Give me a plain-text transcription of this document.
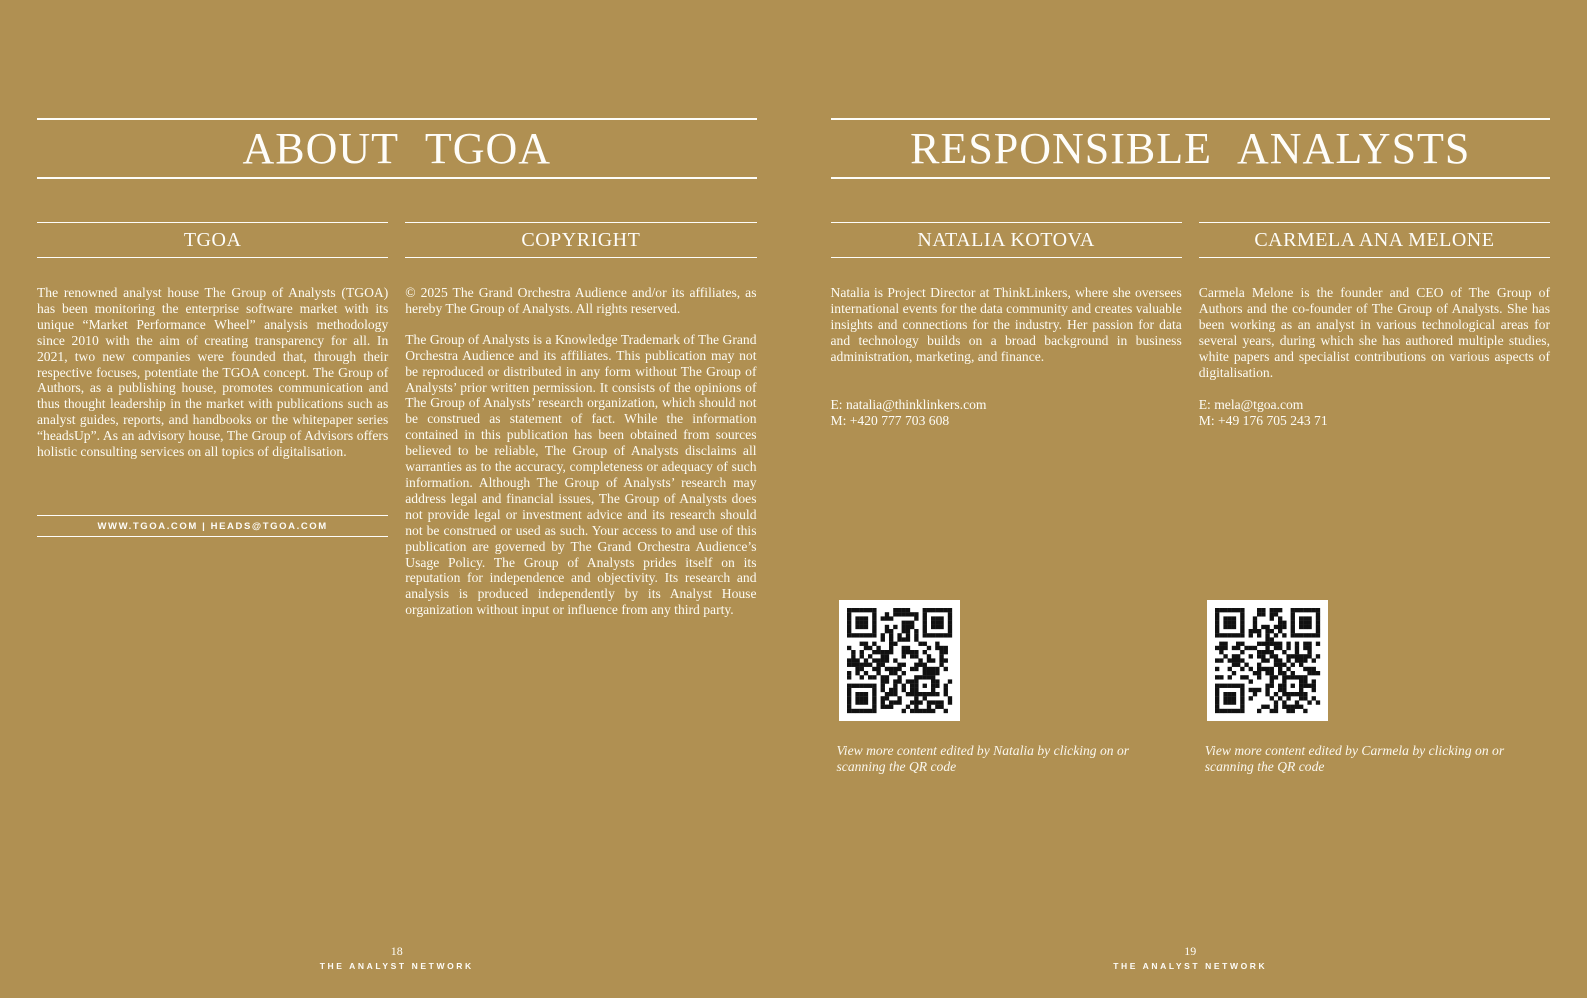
ABOUT TGOA
TGOA

The renowned analyst house The Group of Analysts (TGOA) has been monitoring the enterprise software market with its unique “Market Performance Wheel” analysis methodology since 2010 with the aim of creating transparency for all. In 2021, two new companies were founded that, through their respective focuses, potentiate the TGOA concept. The Group of Authors, as a publishing house, promotes communication and thus thought leadership in the market with publications such as analyst guides, reports, and handbooks or the whitepaper series “headsUp”. As an advisory house, The Group of Advisors offers holistic consulting services on all topics of digitalisation.

WWW.TGOA.COM | HEADS@TGOA.COM
COPYRIGHT

© 2025 The Grand Orchestra Audience and/or its affiliates, as hereby The Group of Analysts. All rights reserved.

The Group of Analysts is a Knowledge Trademark of The Grand Orchestra Audience and its affiliates. This publication may not be reproduced or distributed in any form without The Group of Analysts’ prior written permission. It consists of the opinions of The Group of Analysts’ research organization, which should not be construed as statement of fact. While the information contained in this publication has been obtained from sources believed to be reliable, The Group of Analysts disclaims all warranties as to the accuracy, completeness or adequacy of such information. Although The Group of Analysts’ research may address legal and financial issues, The Group of Analysts does not provide legal or investment advice and its research should not be construed or used as such. Your access to and use of this publication are governed by The Grand Orchestra Audience’s Usage Policy. The Group of Analysts prides itself on its reputation for independence and objectivity. Its research and analysis is produced independently by its Analyst House organization without input or influence from any third party.

18
THE ANALYST NETWORK
RESPONSIBLE ANALYSTS
NATALIA KOTOVA

Natalia is Project Director at ThinkLinkers, where she oversees international events for the data community and creates valuable insights and connections for the industry. Her passion for data and technology builds on a broad background in business administration, marketing, and finance.

E: natalia@thinklinkers.com
M: +420 777 703 608

View more content edited by Natalia by clicking on or scanning the QR code

CARMELA ANA MELONE

Carmela Melone is the founder and CEO of The Group of Authors and the co-founder of The Group of Analysts. She has been working as an analyst in various technological areas for several years, during which she has authored multiple studies, white papers and specialist contributions on various aspects of digitalisation.

E: mela@tgoa.com
M: +49 176 705 243 71

View more content edited by Carmela by clicking on or scanning the QR code

19
THE ANALYST NETWORK
